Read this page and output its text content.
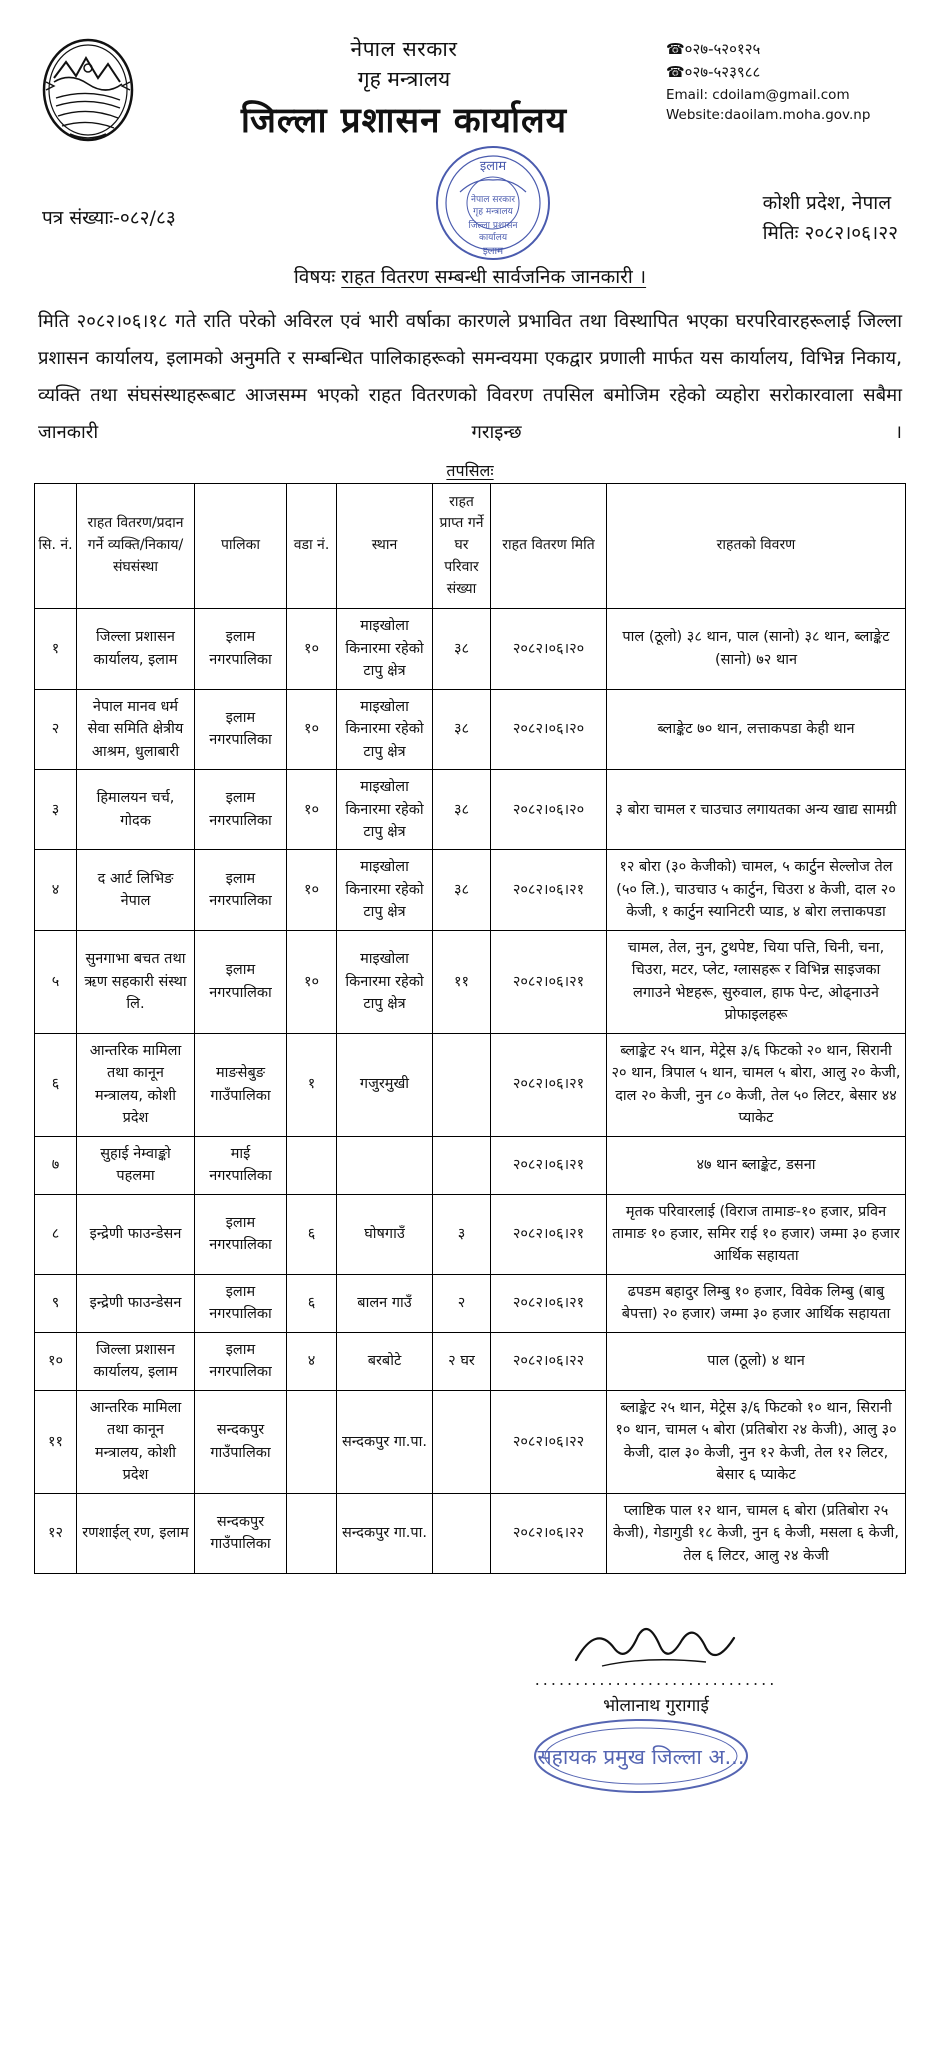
नेपाल सरकार
गृह मन्त्रालय
जिल्ला प्रशासन कार्यालय
☎०२७-५२०१२५
☎०२७-५२३९८८
Email: cdoilam@gmail.com
Website:daoilam.moha.gov.np
इलाम
नेपाल सरकार
गृह मन्त्रालय
जिल्ला प्रशासन
कार्यालय
इलाम
पत्र संख्याः-०८२/८३
कोशी प्रदेश, नेपाल
मितिः २०८२।०६।२२
विषयः राहत वितरण सम्बन्धी सार्वजनिक जानकारी ।
मिति २०८२।०६।१८ गते राति परेको अविरल एवं भारी वर्षाका कारणले प्रभावित तथा विस्थापित भएका घरपरिवारहरूलाई जिल्ला प्रशासन कार्यालय, इलामको अनुमति र सम्बन्धित पालिकाहरूको समन्वयमा एकद्वार प्रणाली मार्फत यस कार्यालय, विभिन्न निकाय, व्यक्ति तथा संघसंस्थाहरूबाट आजसम्म भएको राहत वितरणको विवरण तपसिल बमोजिम रहेको व्यहोरा सरोकारवाला सबैमा जानकारी गराइन्छ ।
तपसिलः
सि. नं.	राहत वितरण/प्रदान गर्ने व्यक्ति/निकाय/संघसंस्था	पालिका	वडा नं.	स्थान	राहत प्राप्त गर्ने घर परिवार संख्या	राहत वितरण मिति	राहतको विवरण
१	जिल्ला प्रशासन कार्यालय, इलाम	इलाम नगरपालिका	१०	माइखोला किनारमा रहेको टापु क्षेत्र	३८	२०८२।०६।२०	पाल (ठूलो) ३८ थान, पाल (सानो) ३८ थान, ब्लाङ्केट (सानो) ७२ थान
२	नेपाल मानव धर्म सेवा समिति क्षेत्रीय आश्रम, धुलाबारी	इलाम नगरपालिका	१०	माइखोला किनारमा रहेको टापु क्षेत्र	३८	२०८२।०६।२०	ब्लाङ्केट ७० थान, लत्ताकपडा केही थान
३	हिमालयन चर्च, गोदक	इलाम नगरपालिका	१०	माइखोला किनारमा रहेको टापु क्षेत्र	३८	२०८२।०६।२०	३ बोरा चामल र चाउचाउ लगायतका अन्य खाद्य सामग्री
४	द आर्ट लिभिङ नेपाल	इलाम नगरपालिका	१०	माइखोला किनारमा रहेको टापु क्षेत्र	३८	२०८२।०६।२१	१२ बोरा (३० केजीको) चामल, ५ कार्टुन सेल्लोज तेल (५० लि.), चाउचाउ ५ कार्टुन, चिउरा ४ केजी, दाल २० केजी, १ कार्टुन स्यानिटरी प्याड, ४ बोरा लत्ताकपडा
५	सुनगाभा बचत तथा ऋण सहकारी संस्था लि.	इलाम नगरपालिका	१०	माइखोला किनारमा रहेको टापु क्षेत्र	११	२०८२।०६।२१	चामल, तेल, नुन, टुथपेष्ट, चिया पत्ति, चिनी, चना, चिउरा, मटर, प्लेट, ग्लासहरू र विभिन्न साइजका लगाउने भेष्टहरू, सुरुवाल, हाफ पेन्ट, ओढ्नाउने प्रोफाइलहरू
६	आन्तरिक मामिला तथा कानून मन्त्रालय, कोशी प्रदेश	माङसेबुङ गाउँपालिका	१	गजुरमुखी		२०८२।०६।२१	ब्लाङ्केट २५ थान, मेट्रेस ३/६ फिटको २० थान, सिरानी २० थान, त्रिपाल ५ थान, चामल ५ बोरा, आलु २० केजी, दाल २० केजी, नुन ८० केजी, तेल ५० लिटर, बेसार ४४ प्याकेट
७	सुहाई नेम्वाङ्को पहलमा	माई नगरपालिका				२०८२।०६।२१	४७ थान ब्लाङ्केट, डसना
८	इन्द्रेणी फाउन्डेसन	इलाम नगरपालिका	६	घोषगाउँ	३	२०८२।०६।२१	मृतक परिवारलाई (विराज तामाङ-१० हजार, प्रविन तामाङ १० हजार, समिर राई १० हजार) जम्मा ३० हजार आर्थिक सहायता
९	इन्द्रेणी फाउन्डेसन	इलाम नगरपालिका	६	बालन गाउँ	२	२०८२।०६।२१	ढपडम बहादुर लिम्बु १० हजार, विवेक लिम्बु (बाबु बेपत्ता) २० हजार) जम्मा ३० हजार आर्थिक सहायता
१०	जिल्ला प्रशासन कार्यालय, इलाम	इलाम नगरपालिका	४	बरबोटे	२ घर	२०८२।०६।२२	पाल (ठूलो) ४ थान
११	आन्तरिक मामिला तथा कानून मन्त्रालय, कोशी प्रदेश	सन्दकपुर गाउँपालिका		सन्दकपुर गा.पा.		२०८२।०६।२२	ब्लाङ्केट २५ थान, मेट्रेस ३/६ फिटको १० थान, सिरानी १० थान, चामल ५ बोरा (प्रतिबोरा २४ केजी), आलु ३० केजी, दाल ३० केजी, नुन १२ केजी, तेल १२ लिटर, बेसार ६ प्याकेट
१२	रणशाईल् रण, इलाम	सन्दकपुर गाउँपालिका		सन्दकपुर गा.पा.		२०८२।०६।२२	प्लाष्टिक पाल १२ थान, चामल ६ बोरा (प्रतिबोरा २५ केजी), गेडागुडी १८ केजी, नुन ६ केजी, मसला ६ केजी, तेल ६ लिटर, आलु २४ केजी
..............................
भोलानाथ गुरागाई
सहायक प्रमुख जिल्ला अ...
